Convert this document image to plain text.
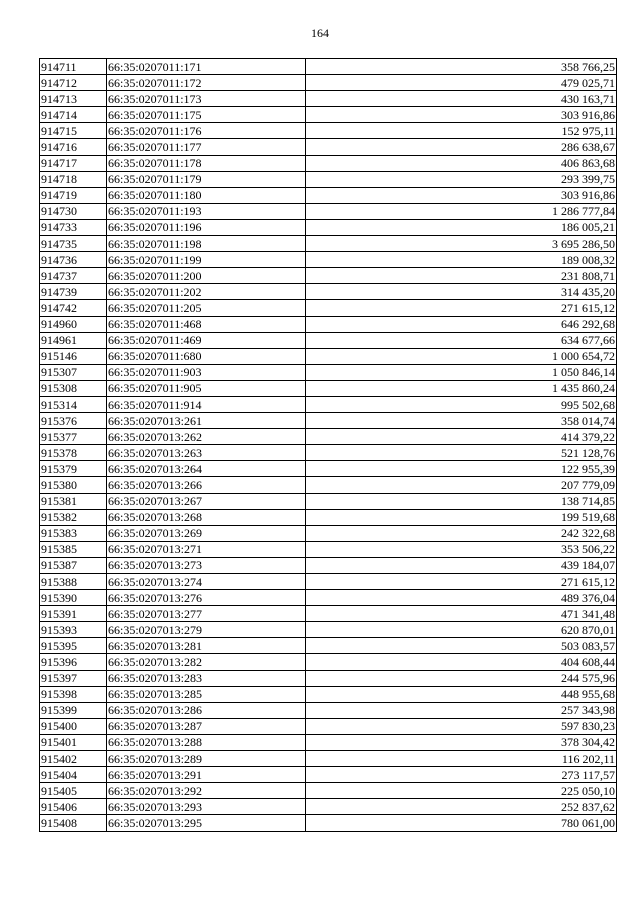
164
914711	66:35:0207011:171	358 766,25
914712	66:35:0207011:172	479 025,71
914713	66:35:0207011:173	430 163,71
914714	66:35:0207011:175	303 916,86
914715	66:35:0207011:176	152 975,11
914716	66:35:0207011:177	286 638,67
914717	66:35:0207011:178	406 863,68
914718	66:35:0207011:179	293 399,75
914719	66:35:0207011:180	303 916,86
914730	66:35:0207011:193	1 286 777,84
914733	66:35:0207011:196	186 005,21
914735	66:35:0207011:198	3 695 286,50
914736	66:35:0207011:199	189 008,32
914737	66:35:0207011:200	231 808,71
914739	66:35:0207011:202	314 435,20
914742	66:35:0207011:205	271 615,12
914960	66:35:0207011:468	646 292,68
914961	66:35:0207011:469	634 677,66
915146	66:35:0207011:680	1 000 654,72
915307	66:35:0207011:903	1 050 846,14
915308	66:35:0207011:905	1 435 860,24
915314	66:35:0207011:914	995 502,68
915376	66:35:0207013:261	358 014,74
915377	66:35:0207013:262	414 379,22
915378	66:35:0207013:263	521 128,76
915379	66:35:0207013:264	122 955,39
915380	66:35:0207013:266	207 779,09
915381	66:35:0207013:267	138 714,85
915382	66:35:0207013:268	199 519,68
915383	66:35:0207013:269	242 322,68
915385	66:35:0207013:271	353 506,22
915387	66:35:0207013:273	439 184,07
915388	66:35:0207013:274	271 615,12
915390	66:35:0207013:276	489 376,04
915391	66:35:0207013:277	471 341,48
915393	66:35:0207013:279	620 870,01
915395	66:35:0207013:281	503 083,57
915396	66:35:0207013:282	404 608,44
915397	66:35:0207013:283	244 575,96
915398	66:35:0207013:285	448 955,68
915399	66:35:0207013:286	257 343,98
915400	66:35:0207013:287	597 830,23
915401	66:35:0207013:288	378 304,42
915402	66:35:0207013:289	116 202,11
915404	66:35:0207013:291	273 117,57
915405	66:35:0207013:292	225 050,10
915406	66:35:0207013:293	252 837,62
915408	66:35:0207013:295	780 061,00
